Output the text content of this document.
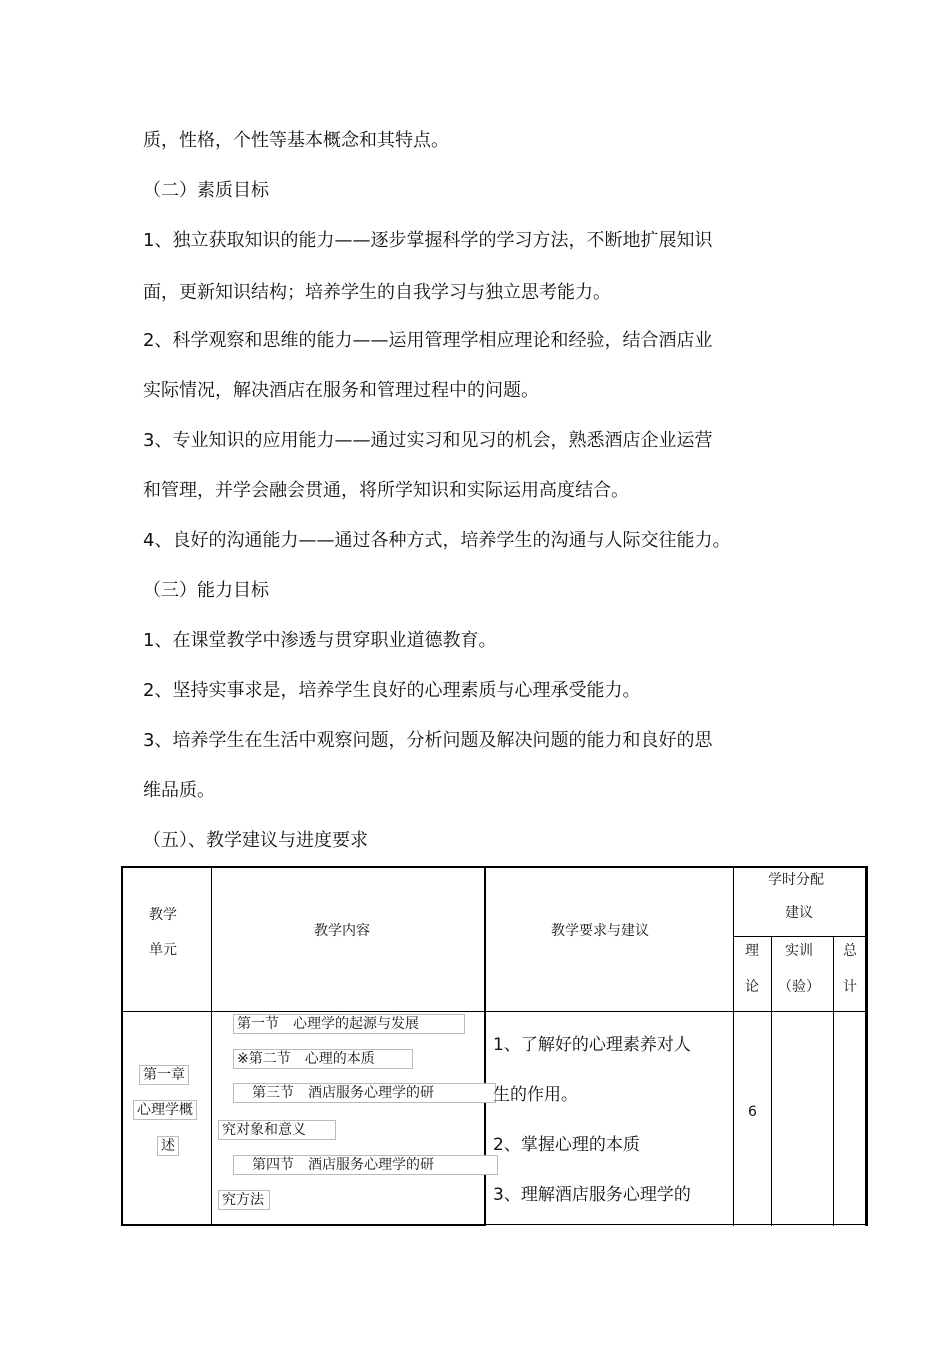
质，性格，个性等基本概念和其特点。
（二）素质目标
1、独立获取知识的能力——逐步掌握科学的学习方法，不断地扩展知识
面，更新知识结构；培养学生的自我学习与独立思考能力。
2、科学观察和思维的能力——运用管理学相应理论和经验，结合酒店业
实际情况，解决酒店在服务和管理过程中的问题。
3、专业知识的应用能力——通过实习和见习的机会，熟悉酒店企业运营
和管理，并学会融会贯通，将所学知识和实际运用高度结合。
4、良好的沟通能力——通过各种方式，培养学生的沟通与人际交往能力。
（三）能力目标
1、在课堂教学中渗透与贯穿职业道德教育。
2、坚持实事求是，培养学生良好的心理素质与心理承受能力。
3、培养学生在生活中观察问题，分析问题及解决问题的能力和良好的思
维品质。
（五）、教学建议与进度要求
教学
单元
教学内容	教学要求与建议
学时分配
建议
理
论
实训
（验）
总
计
第一章
心理学概
述
第一节　心理学的起源与发展
※第二节　心理的本质
第三节　酒店服务心理学的研
究对象和意义
第四节　酒店服务心理学的研
究方法
1、了解好的心理素养对人
生的作用。
2、掌握心理的本质
3、理解酒店服务心理学的
6
